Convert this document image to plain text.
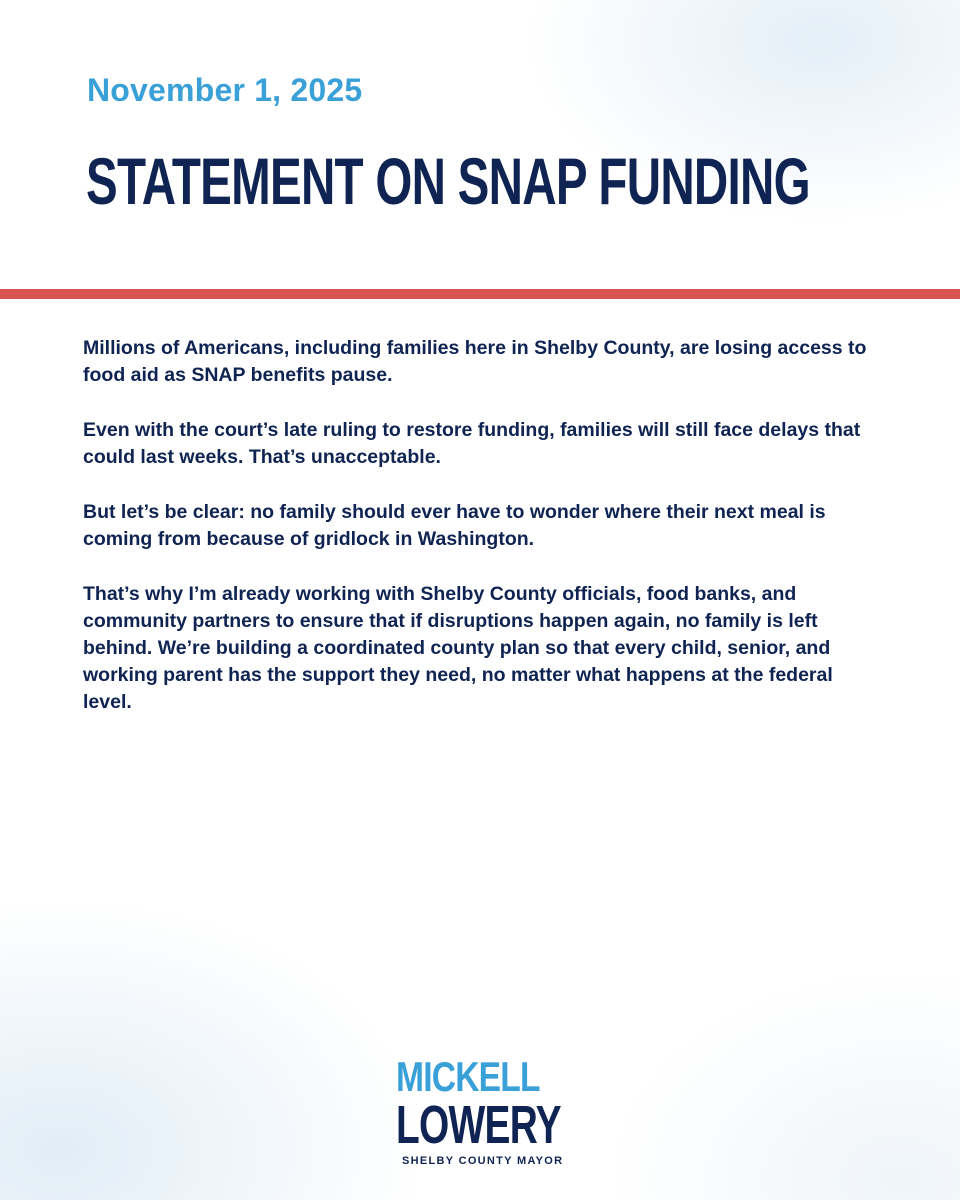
November 1, 2025
STATEMENT ON SNAP FUNDING

Millions of Americans, including families here in Shelby County, are losing access to food aid as SNAP benefits pause.

Even with the court’s late ruling to restore funding, families will still face delays that could last weeks. That’s unacceptable.

But let’s be clear: no family should ever have to wonder where their next meal is coming from because of gridlock in Washington.

That’s why I’m already working with Shelby County officials, food banks, and community partners to ensure that if disruptions happen again, no family is left behind. We’re building a coordinated county plan so that every child, senior, and working parent has the support they need, no matter what happens at the federal level.

MICKELL
LOWERY
SHELBY COUNTY MAYOR
